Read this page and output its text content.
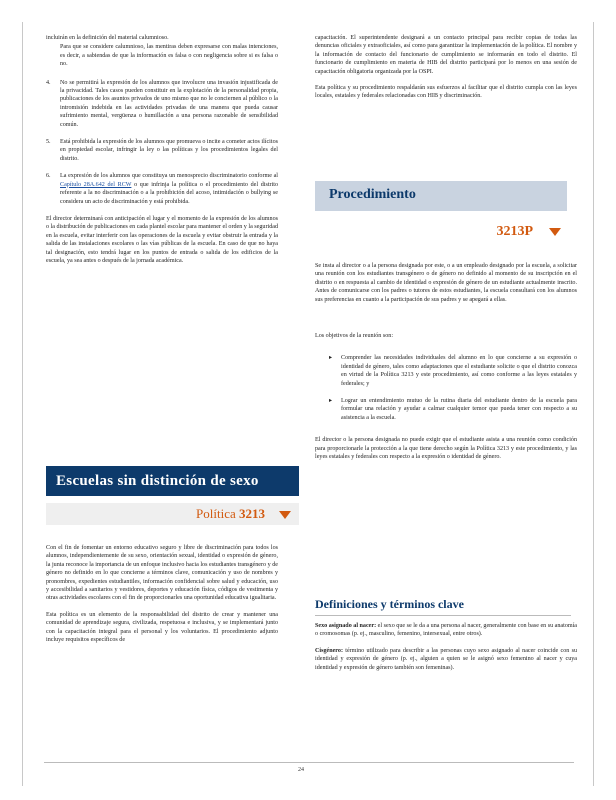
incluirán en la definición del material calumnioso.
Para que se considere calumnioso, las mentiras deben expresarse con malas intenciones, es decir, a sabiendas de que la información es falsa o con negligencia sobre si es falsa o no.
4. No se permitirá la expresión de los alumnos que involucre una invasión injustificada de la privacidad. Tales casos pueden constituir en la explotación de la personalidad propia, publicaciones de los asuntos privados de uno mismo que no le conciernen al público o la intromisión indebida en las actividades privadas de una manera que pueda causar sufrimiento mental, vergüenza o humillación a una persona razonable de sensibilidad común.
5. Está prohibida la expresión de los alumnos que promueva o incite a cometer actos ilícitos en propiedad escolar, infringir la ley o las políticas y los procedimientos legales del distrito.
6. La expresión de los alumnos que constituya un menosprecio discriminatorio conforme al Capítulo 28A.642 del RCW o que infrinja la política o el procedimiento del distrito referente a la no discriminación o a la prohibición del acoso, intimidación o bullying se considera un acto de discriminación y está prohibida.
El director determinará con anticipación el lugar y el momento de la expresión de los alumnos o la distribución de publicaciones en cada plantel escolar para mantener el orden y la seguridad en la escuela, evitar interferir con las operaciones de la escuela y evitar obstruir la entrada y la salida de las instalaciones escolares o las vías públicas de la escuela. En caso de que no haya tal designación, esto tendrá lugar en los puntos de entrada o salida de los edificios de la escuela, ya sea antes o después de la jornada académica.
Escuelas sin distinción de sexo
Política 3213
Con el fin de fomentar un entorno educativo seguro y libre de discriminación para todos los alumnos, independientemente de su sexo, orientación sexual, identidad o expresión de género, la junta reconoce la importancia de un enfoque inclusivo hacia los estudiantes transgénero y de género no definido en lo que concierne a términos clave, comunicación y uso de nombres y pronombres, expedientes estudiantiles, información confidencial sobre salud y educación, uso y accesibilidad a sanitarios y vestidores, deportes y educación física, códigos de vestimenta y otras actividades escolares con el fin de proporcionarles una oportunidad educativa igualitaria.
Esta política es un elemento de la responsabilidad del distrito de crear y mantener una comunidad de aprendizaje segura, civilizada, respetuosa e inclusiva, y se implementará junto con la capacitación integral para el personal y los voluntarios. El procedimiento adjunto incluye requisitos específicos de
capacitación. El superintendente designará a un contacto principal para recibir copias de todas las denuncias oficiales y extraoficiales, así como para garantizar la implementación de la política. El nombre y la información de contacto del funcionario de cumplimiento se informarán en todo el distrito. El funcionario de cumplimiento en materia de HIB del distrito participará por lo menos en una sesión de capacitación obligatoria organizada por la OSPI.
Esta política y su procedimiento respaldarán sus esfuerzos al facilitar que el distrito cumpla con las leyes locales, estatales y federales relacionadas con HIB y discriminación.
Procedimiento
3213P
Se insta al director o a la persona designada por este, o a un empleado designado por la escuela, a solicitar una reunión con los estudiantes transgénero o de género no definido al momento de su inscripción en el distrito o en respuesta al cambio de identidad o expresión de género de un estudiante actualmente inscrito. Antes de comunicarse con los padres o tutores de estos estudiantes, la escuela consultará con los alumnos sus preferencias en cuanto a la participación de sus padres y se apegará a ellas.
Los objetivos de la reunión son:
▸ Comprender las necesidades individuales del alumno en lo que concierne a su expresión o identidad de género, tales como adaptaciones que el estudiante solicite o que el distrito conozca en virtud de la Política 3213 y este procedimiento, así como conforme a las leyes estatales y federales; y
▸ Lograr un entendimiento mutuo de la rutina diaria del estudiante dentro de la escuela para formular una relación y ayudar a calmar cualquier temor que pueda tener con respecto a su asistencia a la escuela.
El director o la persona designada no puede exigir que el estudiante asista a una reunión como condición para proporcionarle la protección a la que tiene derecho según la Política 3213 y este procedimiento, y las leyes estatales y federales con respecto a la expresión o identidad de género.
Definiciones y términos clave
Sexo asignado al nacer: el sexo que se le da a una persona al nacer, generalmente con base en su anatomía o cromosomas (p. ej., masculino, femenino, intersexual, entre otros).
Cisgénero: término utilizado para describir a las personas cuyo sexo asignado al nacer coincide con su identidad y expresión de género (p. ej., alguien a quien se le asignó sexo femenino al nacer y cuya identidad y expresión de género también son femeninas).
24
